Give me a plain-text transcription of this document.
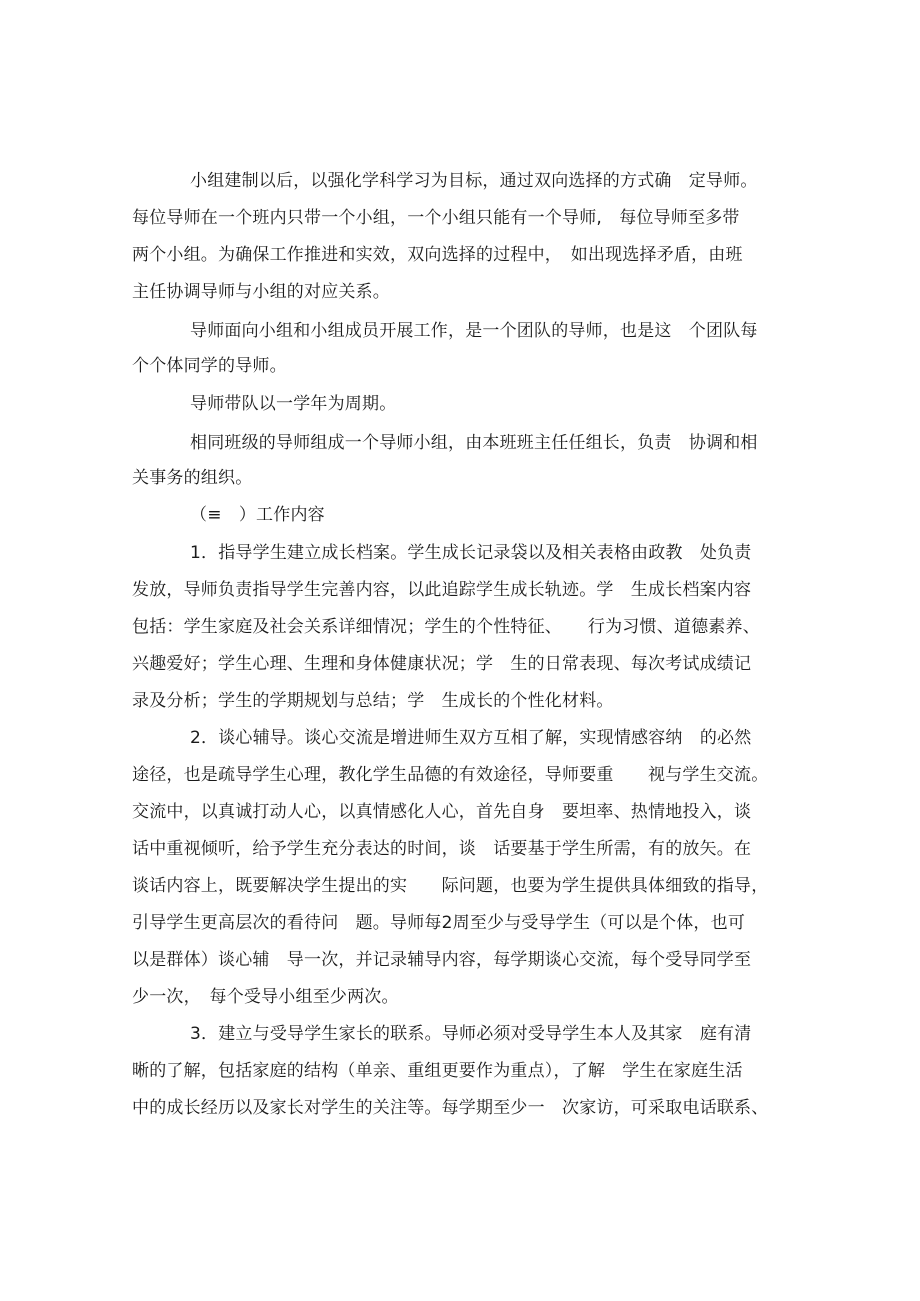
小组建制以后，以强化学科学习为目标，通过双向选择的方式确　定导师。
每位导师在一个班内只带一个小组，一个小组只能有一个导师,　每位导师至多带
两个小组。为确保工作推进和实效，双向选择的过程中，　如出现选择矛盾，由班
主任协调导师与小组的对应关系。
导师面向小组和小组成员开展工作，是一个团队的导师，也是这　个团队每
个个体同学的导师。
导师带队以一学年为周期。
相同班级的导师组成一个导师小组，由本班班主任任组长，负责　协调和相
关事务的组织。
（≡　）工作内容
1．指导学生建立成长档案。学生成长记录袋以及相关表格由政教　处负责
发放，导师负责指导学生完善内容，以此追踪学生成长轨迹。学　生成长档案内容
包括：学生家庭及社会关系详细情况；学生的个性特征、　　行为习惯、道德素养、
兴趣爱好；学生心理、生理和身体健康状况；学　生的日常表现、每次考试成绩记
录及分析；学生的学期规划与总结；学　生成长的个性化材料。
2．谈心辅导。谈心交流是增进师生双方互相了解，实现情感容纳　的必然
途径，也是疏导学生心理，教化学生品德的有效途径，导师要重　　视与学生交流。
交流中，以真诚打动人心，以真情感化人心，首先自身　要坦率、热情地投入，谈
话中重视倾听，给予学生充分表达的时间，谈　话要基于学生所需，有的放矢。在
谈话内容上，既要解决学生提出的实　　际问题，也要为学生提供具体细致的指导，
引导学生更高层次的看待问　题。导师每2周至少与受导学生（可以是个体，也可
以是群体）谈心辅　导一次，并记录辅导内容，每学期谈心交流，每个受导同学至
少一次，　每个受导小组至少两次。
3．建立与受导学生家长的联系。导师必须对受导学生本人及其家　庭有清
晰的了解，包括家庭的结构（单亲、重组更要作为重点），了解　学生在家庭生活
中的成长经历以及家长对学生的关注等。每学期至少一　次家访，可采取电话联系、
